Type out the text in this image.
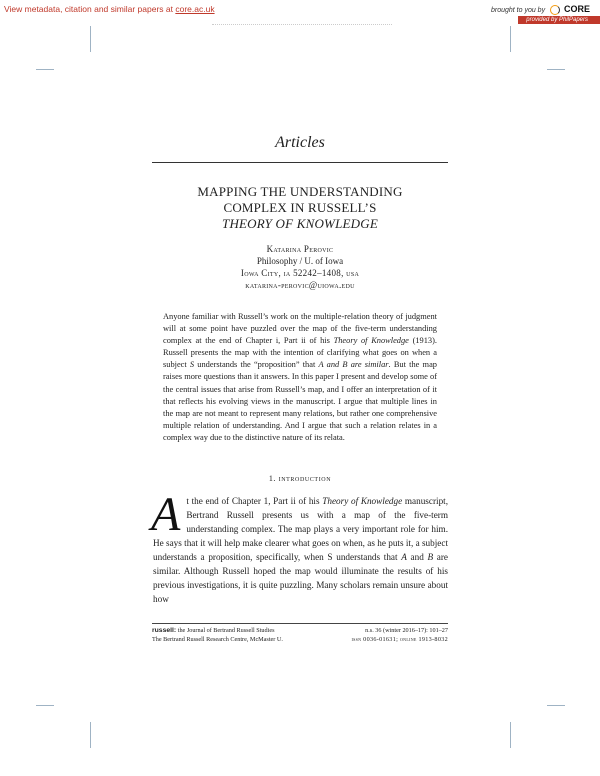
View metadata, citation and similar papers at core.ac.uk	brought to you by CORE
provided by PhilPapers
Articles
MAPPING THE UNDERSTANDING
COMPLEX IN RUSSELL’S
THEORY OF KNOWLEDGE
Katarina Perovic
Philosophy / U. of Iowa
Iowa City, ia 52242–1408, usa
katarina-perovic@uiowa.edu
Anyone familiar with Russell’s work on the multiple-relation theory of judgment will at some point have puzzled over the map of the five-term understanding complex at the end of Chapter i, Part ii of his Theory of Knowledge (1913). Russell presents the map with the intention of clarifying what goes on when a subject S understands the “proposition” that A and B are similar. But the map raises more questions than it answers. In this paper I present and develop some of the central issues that arise from Russell’s map, and I offer an interpretation of it that reflects his evolving views in the manuscript. I argue that multiple lines in the map are not meant to represent many relations, but rather one comprehensive multiple relation of understanding. And I argue that such a relation relates in a complex way due to the distinctive nature of its relata.
1. introduction
At the end of Chapter 1, Part ii of his Theory of Knowledge manuscript, Bertrand Russell presents us with a map of the five-term understanding complex. The map plays a very important role for him. He says that it will help make clearer what goes on when, as he puts it, a subject understands a proposition, specifically, when S understands that A and B are similar. Although Russell hoped the map would illuminate the results of his previous investigations, it is quite puzzling. Many scholars remain unsure about how
russell: the Journal of Bertrand Russell Studies
The Bertrand Russell Research Centre, McMaster U.
n.s. 36 (winter 2016–17): 101–27
issn 0036-01631; online 1913-8032
